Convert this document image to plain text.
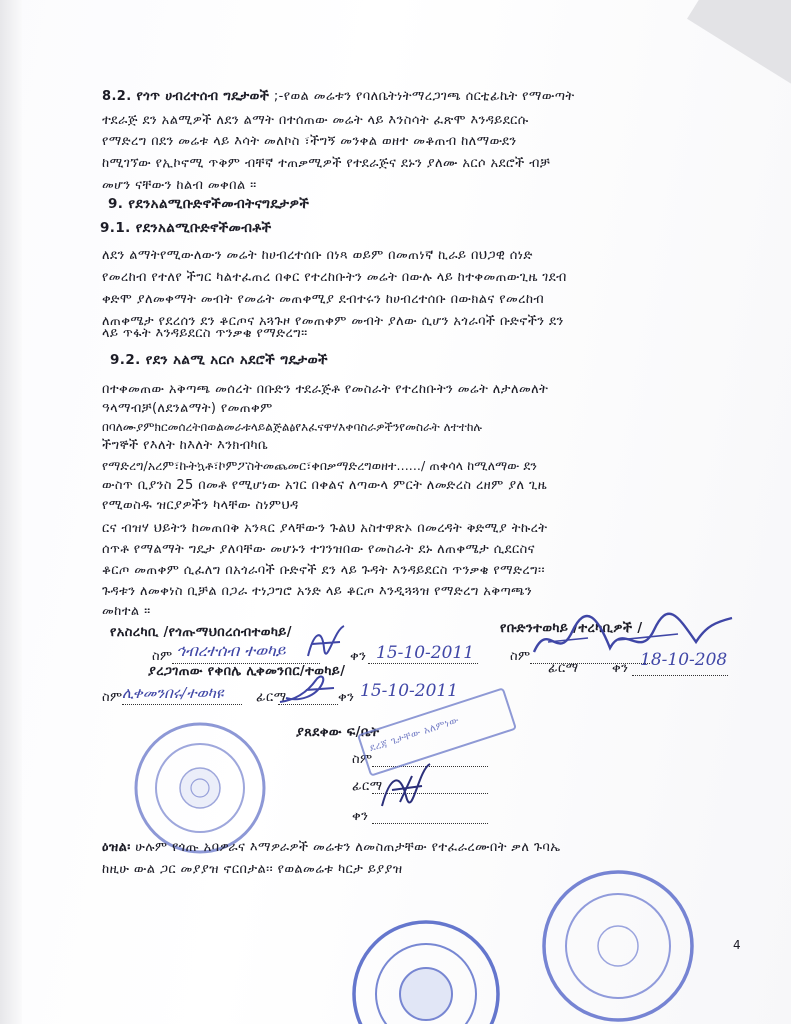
8.2. የጎጥ ሀብረተሰብ ግዴታወች ;-የወል መሬቱን የባለቤትነትማረጋገጫ ሰርቲፊኬት የማውጣት
ተደራጅ ደን አልሚዎች ለደን ልማት በተሰጠው መሬት ላይ እንስሳት ፈጽሞ እንዳይደርሱ
የማድረግ በደን መሬቱ ላይ እሳት መለኮስ ፣ችግኝ መንቀል ወዘተ መቆጠብ ከለማውደን
ከሚገኘው የኢኮኖሚ ጥቅም ብቸኛ ተጠቃሚዎች የተደራጅና ደኑን ያለሙ አርሶ አደሮች ብቻ
መሆን ናቸውን ከልብ መቀበል ።
9. የደንአልሚቡድኖችመብትናግዴታዎች
9.1. የደንአልሚቡድኖችመብቶች
ለደን ልማትየሚውለውን መሬት ከሀብረተሰቡ በነጻ ወይም በመጠነኛ ኪራይ በህጋዊ ሰነድ
የመረከብ የተለየ ችግር ካልተፈጠረ በቀር የተረከቡትን መሬት በውሉ ላይ ከተቀመጠውጊዜ ገደብ
ቀድሞ ያለመቀማት መብት የመሬት መጠቀሚያ ደብተሩን ከሀብረተሰቡ በውክልና የመረከብ
ለጠቀሜታ የደረሰን ደን ቆርጦና አጓጉዞ የመጠቀም መብት ያለው ሲሆን አጎራባች ቡድኖችን ደን
ላይ ጥፋት እንዳይደርስ ጥንቃቄ የማድረግ።
9.2. የደን አልሚ አርሶ አደሮች ግዴታወች
በተቀመጠው አቅጣጫ መሰረት በቡድን ተደራጅቶ የመስራት የተረከቡትን መሬት ለታለመለት
ዓላማብቻ(ለደንልማት) የመጠቀም
በባለሙያምክርመሰረትበወልመራቱላይልጅልፅየእፈናዋሃእቀባስራዎችንየመስራት ለተተከሉ
ችግኞች የእለት ከእለት እንክብካቤ
የማድረግ/አረም፣ኩትኳቶ፣ኮምፖስትመጨመር፣ቀበቃማድረግወዘተ....../ ጠቀሳላ ከሚለማው ደን
ውስጥ ቢያንስ 25 በመቶ የሚሆነው አገር በቀልና ለጣውላ ምርት ለመድረስ ረዘም ያለ ጊዜ
የሚወስዱ ዝርያዎችን ካላቸው ስነምህዳ
ርና ብዝሃ ህይትን ከመጠበቅ አንጻር ያላቸውን ጉልህ አስተዋጽኦ በመረዳት ቅድሚያ ትኩረት
ሰጥቶ የማልማት ግዴታ ያለባቸው መሆኑን ተገንዝበው የመስራት ደኑ ለጠቀሜታ ሲደርስና
ቆርጦ መጠቀም ሲፈለግ በአጎራባች ቡድኖች ደን ላይ ጉዳት እንዳይደርስ ጥንቃቄ የማድረግ፡፡
ጉዳቱን ለመቀነስ ቢቻል በጋራ ተነጋግሮ አንድ ላይ ቆርጦ እንዲጓጓዝ የማድረግ አቅጣጫን
መከተል ።
የአስረካቢ /የጎጡማህበረሰብተወካይ/	የቡድንተወካይ /ተረካቢዎች /
ስም ኅብረተሰብ ተወካይ	ቀን 15-10-2011	ስም
ፊርማ	ቀን 18-10-208
ያረጋገጠው የቀበሌ ሊቀመንበር/ተወካይ/
ስም ሊቀመንበሩ/ተወካዩ	ፊርማ	ቀን 15-10-2011
ያጸደቀው ፍ/ቤት
ስም
ፊርማ
ቀን
ደረጃ ጌታቸው አለምነው
ዕዝል፡ ሁሉም የጎጡ አባዎራና እማዎራዎች መሬቱን ለመስጠታቸው የተፈራረሙበት ቃለ ጉባኤ
ከዚሁ ውል ጋር መያያዝ ኖርበታል፡፡ የወልመሬቱ ካርታ ይያያዝ
4
